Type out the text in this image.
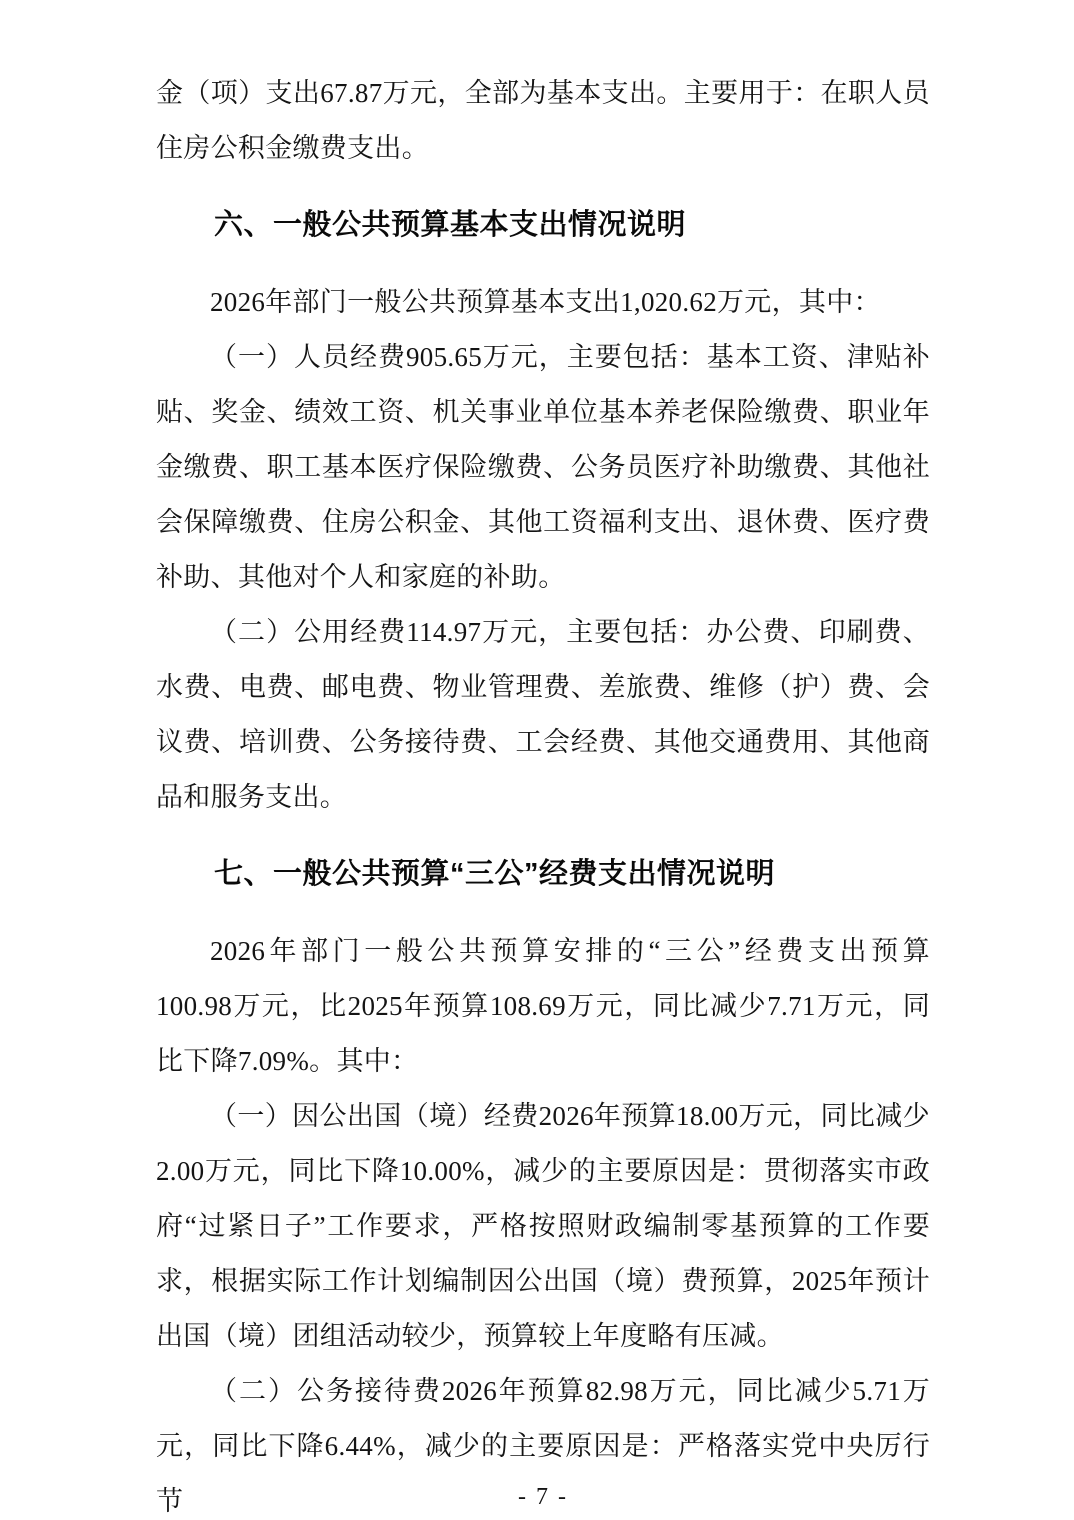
金（项）支出67.87万元，全部为基本支出。主要用于：在职人员
住房公积金缴费支出。
六、一般公共预算基本支出情况说明
2026年部门一般公共预算基本支出1,020.62万元，其中：
（一）人员经费905.65万元，主要包括：基本工资、津贴补
贴、奖金、绩效工资、机关事业单位基本养老保险缴费、职业年
金缴费、职工基本医疗保险缴费、公务员医疗补助缴费、其他社
会保障缴费、住房公积金、其他工资福利支出、退休费、医疗费
补助、其他对个人和家庭的补助。
（二）公用经费114.97万元，主要包括：办公费、印刷费、
水费、电费、邮电费、物业管理费、差旅费、维修（护）费、会
议费、培训费、公务接待费、工会经费、其他交通费用、其他商
品和服务支出。
七、一般公共预算“三公”经费支出情况说明
2026年部门一般公共预算安排的“三公”经费支出预算
100.98万元，比2025年预算108.69万元，同比减少7.71万元，同
比下降7.09%。其中：
（一）因公出国（境）经费2026年预算18.00万元，同比减少
2.00万元，同比下降10.00%，减少的主要原因是：贯彻落实市政
府“过紧日子”工作要求，严格按照财政编制零基预算的工作要
求，根据实际工作计划编制因公出国（境）费预算，2025年预计
出国（境）团组活动较少，预算较上年度略有压减。
（二）公务接待费2026年预算82.98万元，同比减少5.71万
元，同比下降6.44%，减少的主要原因是：严格落实党中央厉行节	- 7 -
